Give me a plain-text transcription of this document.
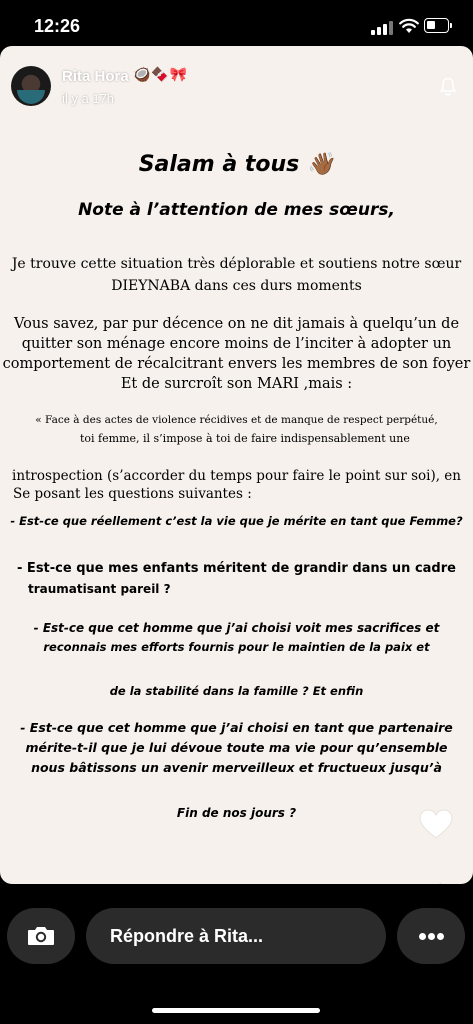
12:26
Rita Hora 🥥🍫🎀
il y a 17h
Salam à tous 👋🏾
Note à l’attention de mes sœurs,
Je trouve cette situation très déplorable et soutiens notre sœur
DIEYNABA dans ces durs moments
Vous savez, par pur décence on ne dit jamais à quelqu’un de
quitter son ménage encore moins de l’inciter à adopter un
comportement de récalcitrant envers les membres de son foyer
Et de surcroît son MARI ,mais :
« Face à des actes de violence récidives et de manque de respect perpétué,
toi femme, il s’impose à toi de faire indispensablement une
introspection (s’accorder du temps pour faire le point sur soi), en
Se posant les questions suivantes :
- Est-ce que réellement c’est la vie que je mérite en tant que Femme?
- Est-ce que mes enfants méritent de grandir dans un cadre
traumatisant pareil ?
- Est-ce que cet homme que j’ai choisi voit mes sacrifices et
reconnais mes efforts fournis pour le maintien de la paix et
de la stabilité dans la famille ? Et enfin
- Est-ce que cet homme que j’ai choisi en tant que partenaire
mérite-t-il que je lui dévoue toute ma vie pour qu’ensemble
nous bâtissons un avenir merveilleux et fructueux jusqu’à
Fin de nos jours ?
Répondre à Rita...
